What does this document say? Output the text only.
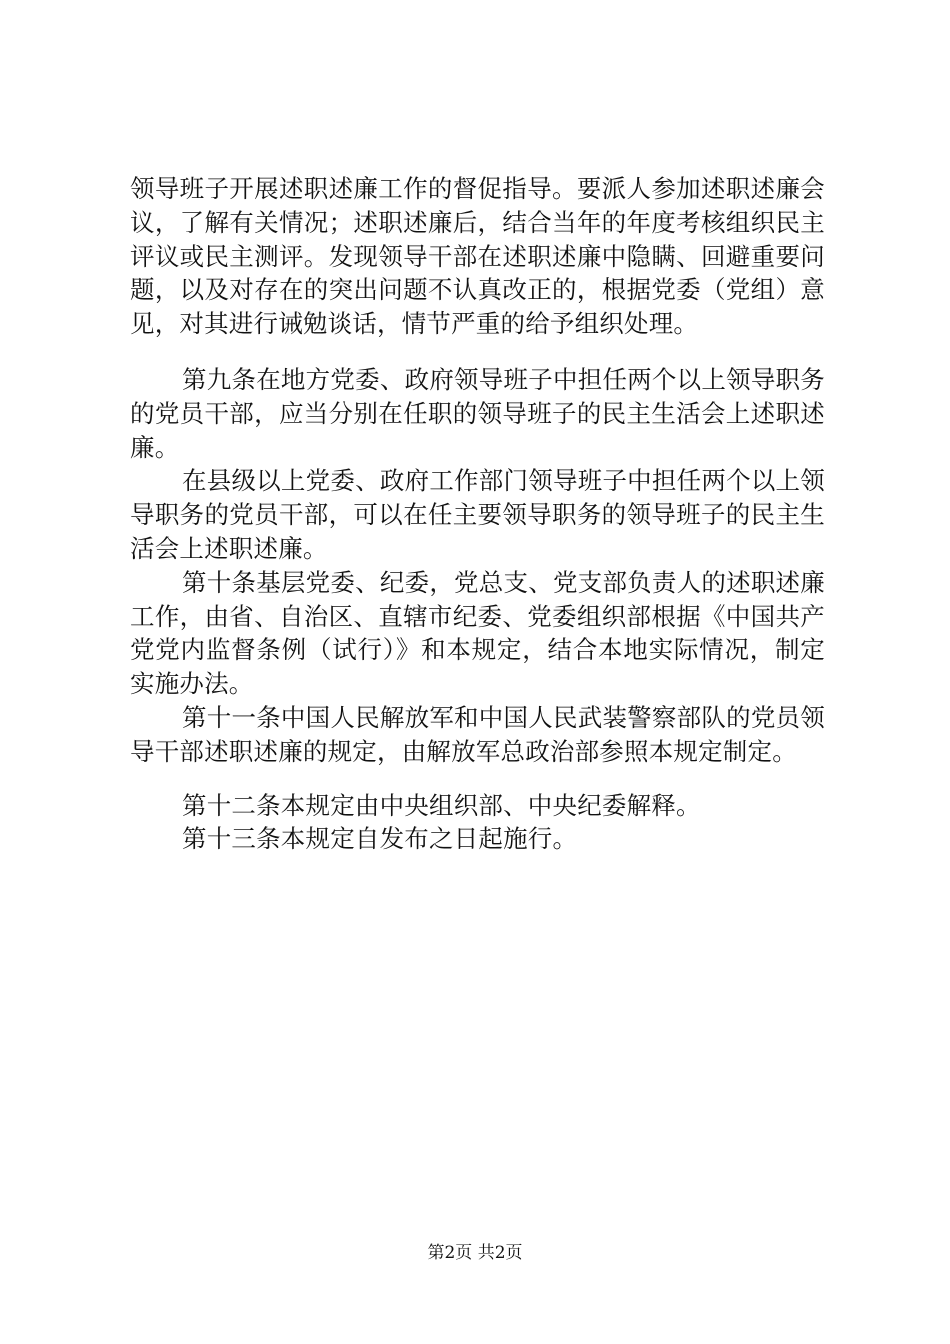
领导班子开展述职述廉工作的督促指导。要派人参加述职述廉会议，了解有关情况；述职述廉后，结合当年的年度考核组织民主评议或民主测评。发现领导干部在述职述廉中隐瞒、回避重要问题，以及对存在的突出问题不认真改正的，根据党委（党组）意见，对其进行诫勉谈话，情节严重的给予组织处理。

第九条在地方党委、政府领导班子中担任两个以上领导职务的党员干部，应当分别在任职的领导班子的民主生活会上述职述廉。

在县级以上党委、政府工作部门领导班子中担任两个以上领导职务的党员干部，可以在任主要领导职务的领导班子的民主生活会上述职述廉。

第十条基层党委、纪委，党总支、党支部负责人的述职述廉工作，由省、自治区、直辖市纪委、党委组织部根据《中国共产党党内监督条例（试行）》和本规定，结合本地实际情况，制定实施办法。

第十一条中国人民解放军和中国人民武装警察部队的党员领导干部述职述廉的规定，由解放军总政治部参照本规定制定。

第十二条本规定由中央组织部、中央纪委解释。

第十三条本规定自发布之日起施行。

第2页 共2页
